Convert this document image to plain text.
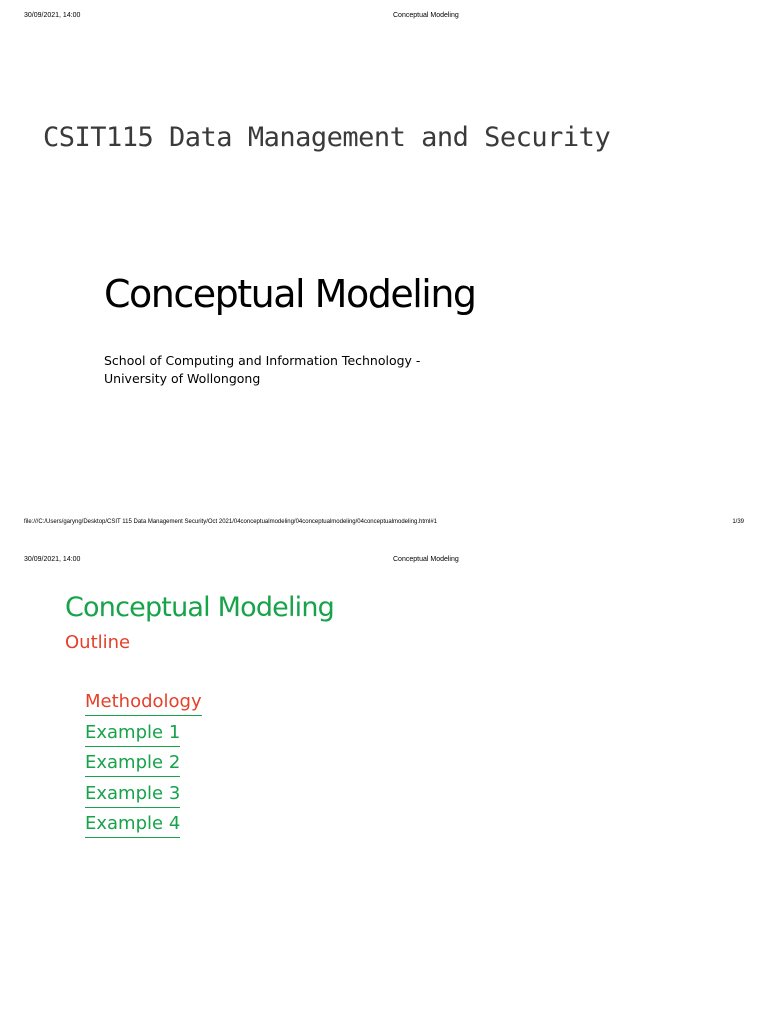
30/09/2021, 14:00	Conceptual Modeling
CSIT115 Data Management and Security
Conceptual Modeling
School of Computing and Information Technology -
University of Wollongong
file:///C:/Users/garyng/Desktop/CSIT 115 Data Management Security/Oct 2021/04conceptualmodeling/04conceptualmodeling/04conceptualmodeling.html#1	1/39
30/09/2021, 14:00	Conceptual Modeling
Conceptual Modeling
Outline
Methodology
Example 1
Example 2
Example 3
Example 4
